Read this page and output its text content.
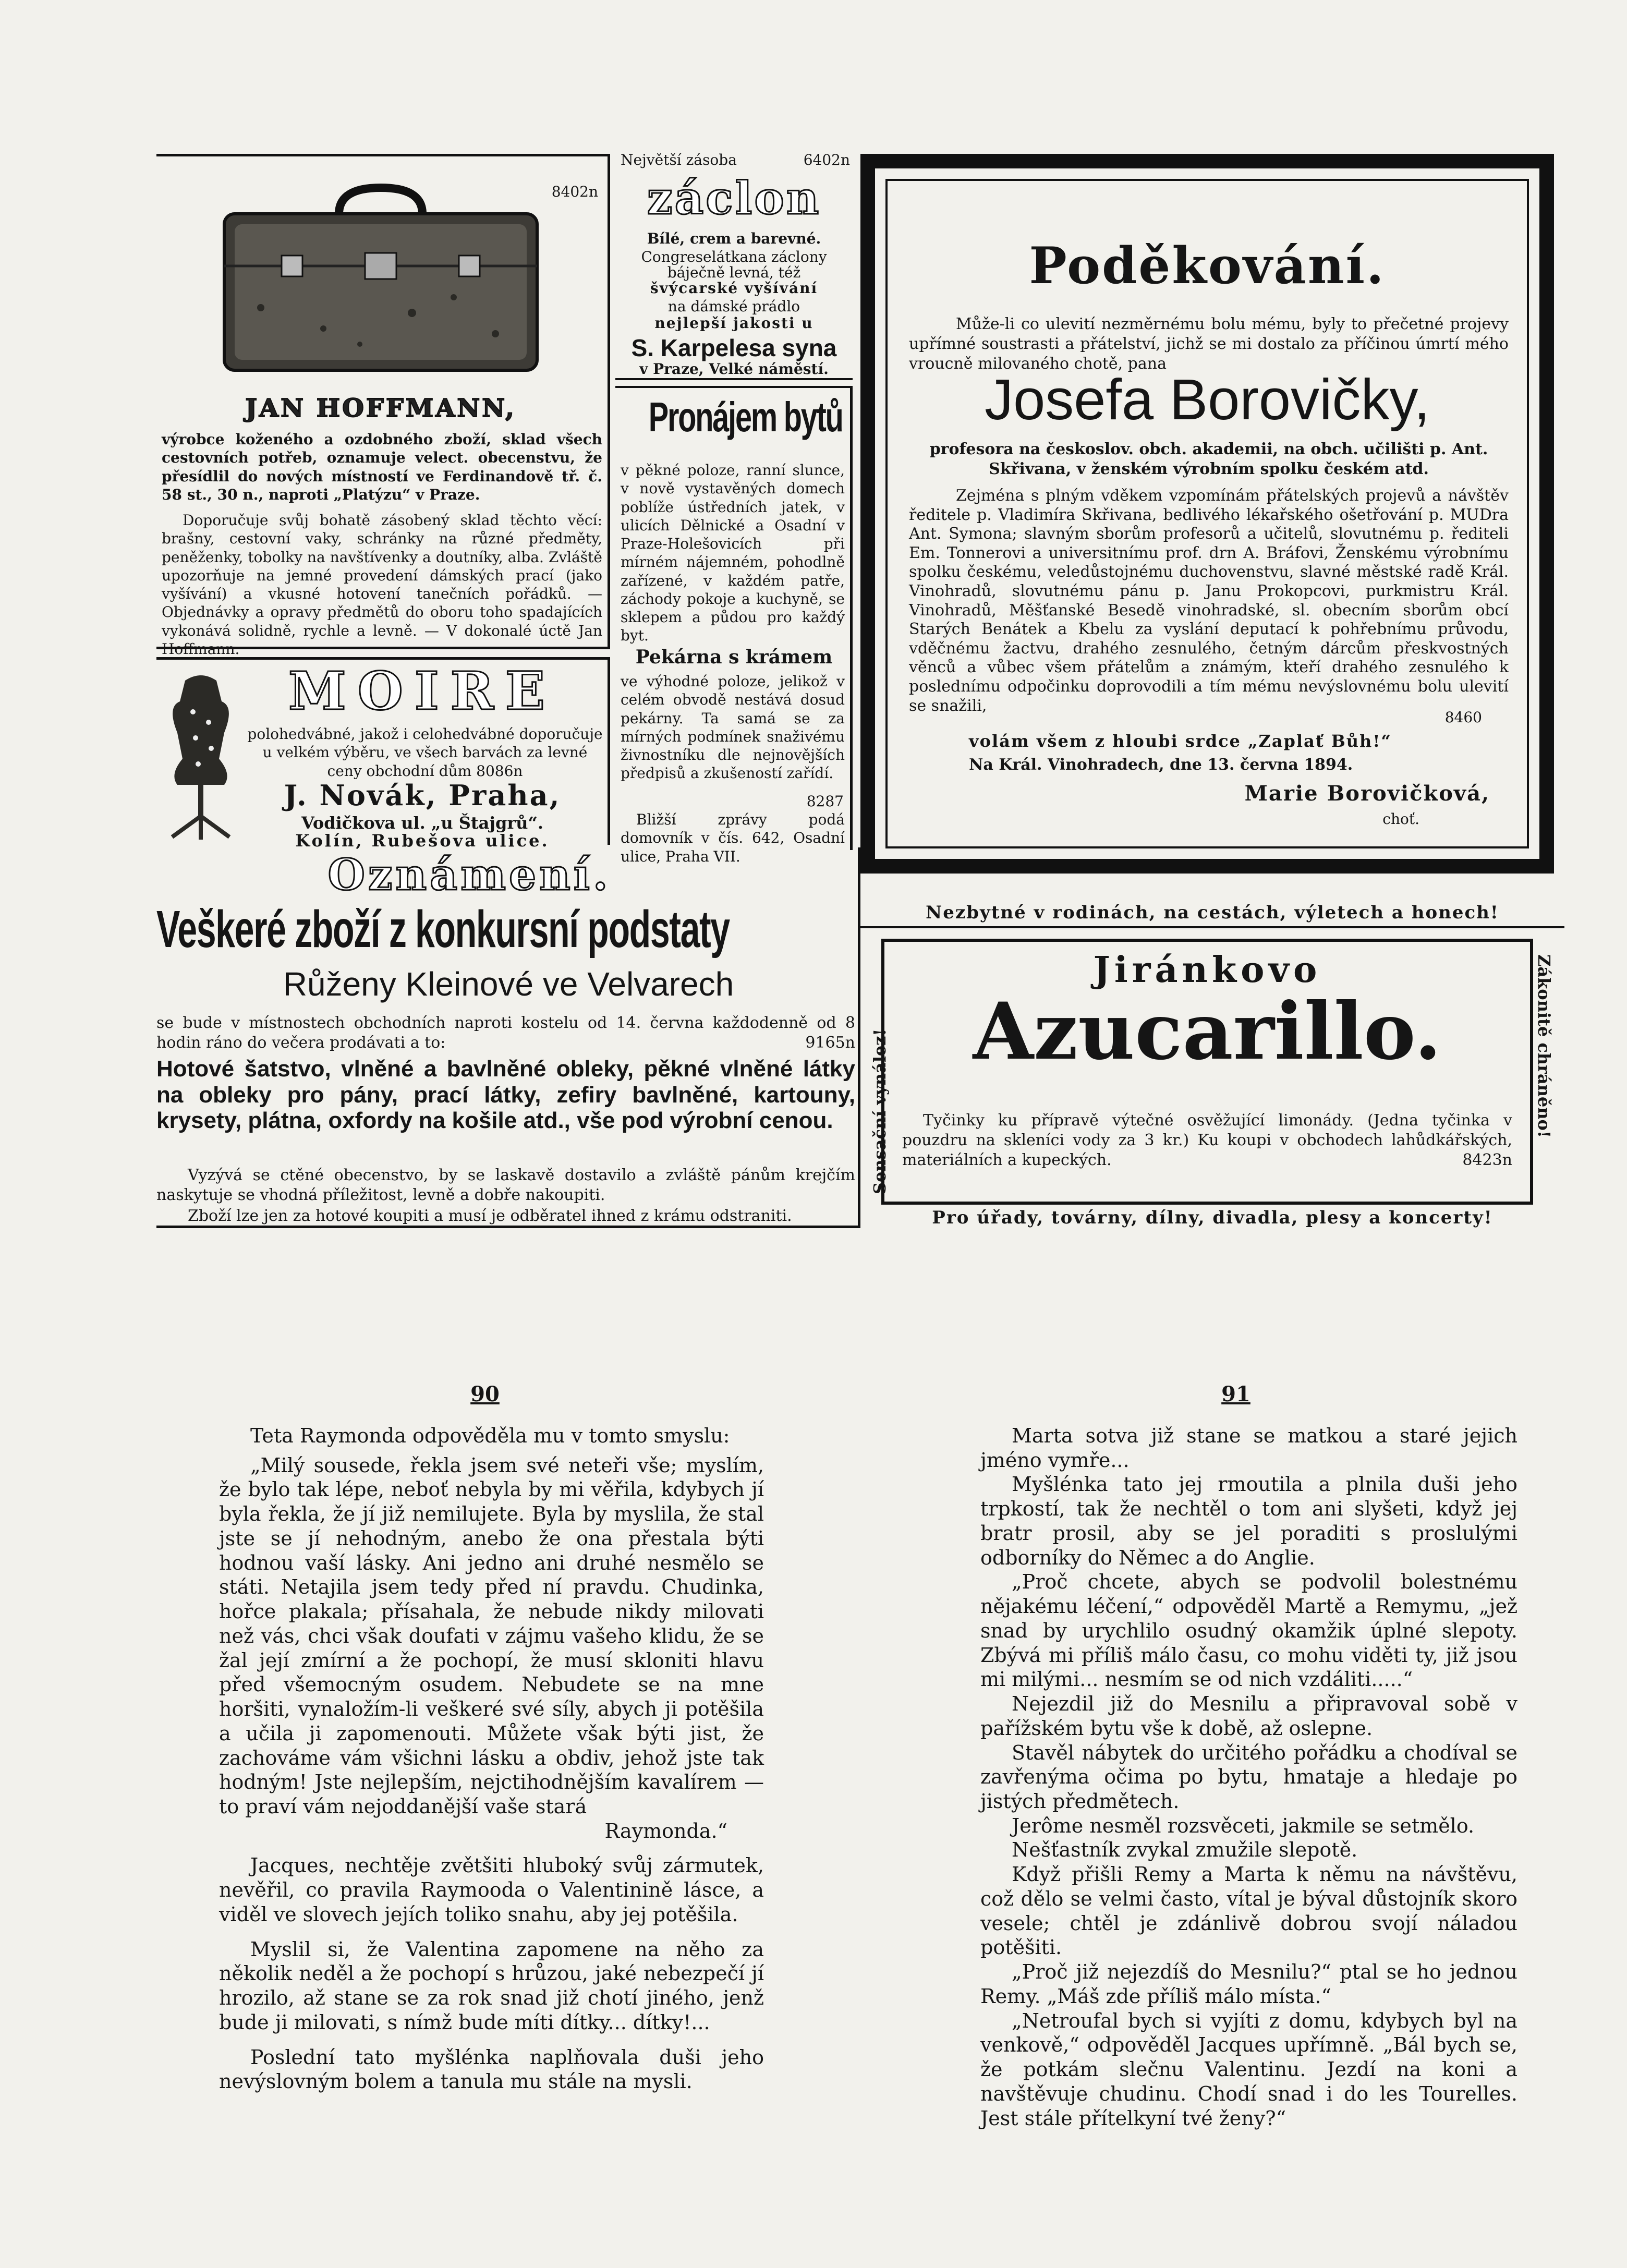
8402n
JAN HOFFMANN,

výrobce koženého a ozdobného zboží, sklad všech cestovních potřeb, oznamuje velect. obecenstvu, že přesídlil do nových místností ve Ferdinandově tř. č. 58 st., 30 n., naproti „Platýzu“ v Praze.

Doporučuje svůj bohatě zásobený sklad těchto věcí: brašny, cestovní vaky, schránky na různé předměty, peněženky, tobolky na navštívenky a doutníky, alba. Zvláště upozorňuje na jemné provedení dámských prací (jako vyšívání) a vkusné hotovení tanečních pořádků. — Objednávky a opravy předmětů do oboru toho spadajících vykonává solidně, rychle a levně. — V dokonalé úctě Jan Hoffmann.

MOIRE

polohedvábné, jakož i celohedvábné doporučuje u velkém výběru, ve všech barvách za levné ceny obchodní dům 8086n

J. Novák, Praha,
Vodičkova ul. „u Štajgrů“.
Kolín, Rubešova ulice.
Největší zásoba	6402n
záclon
Bílé, crem a barevné.
Congreselátkana záclony
báječně levná, též
švýcarské vyšívání
na dámské prádlo
nejlepší jakosti u
S. Karpelesa syna
v Praze, Velké náměstí.
Pronájem bytů

v pěkné poloze, ranní slunce, v nově vystavěných domech poblíže ústředních jatek, v ulicích Dělnické a Osadní v Praze-Holešovicích při mírném nájemném, pohodlně zařízené, v každém patře, záchody pokoje a kuchyně, se sklepem a půdou pro každý byt.

Pekárna s krámem

ve výhodné poloze, jelikož v celém obvodě nestává dosud pekárny. Ta samá se za mírných podmínek snaživému živnostníku dle nejnovějších předpisů a zkušeností zařídí.

8287

Bližší zprávy podá domovník v čís. 642, Osadní ulice, Praha VII.

Poděkování.

Může-li co ulevití nezměrnému bolu mému, byly to přečetné projevy upřímné soustrasti a přátelství, jichž se mi dostalo za příčinou úmrtí mého vroucně milovaného chotě, pana

Josefa Borovičky,

profesora na českoslov. obch. akademii, na obch. učilišti p. Ant. Skřivana, v ženském výrobním spolku českém atd.

Zejména s plným vděkem vzpomínám přátelských projevů a návštěv ředitele p. Vladimíra Skřivana, bedlivého lékařského ošetřování p. MUDra Ant. Symona; slavným sborům profesorů a učitelů, slovutnému p. řediteli Em. Tonnerovi a universitnímu prof. drn A. Bráfovi, Ženskému výrobnímu spolku českému, veledůstojnému duchovenstvu, slavné městské radě Král. Vinohradů, slovutnému pánu p. Janu Prokopcovi, purkmistru Král. Vinohradů, Měšťanské Besedě vinohradské, sl. obecním sborům obcí Starých Benátek a Kbelu za vyslání deputací k pohřebnímu průvodu, vděčnému žactvu, drahého zesnulého, četným dárcům přeskvostných věnců a vůbec všem přátelům a známým, kteří drahého zesnulého k poslednímu odpočinku doprovodili a tím mému nevýslovnému bolu ulevití se snažili,

8460
volám všem z hloubi srdce „Zaplať Bůh!“
Na Král. Vinohradech, dne 13. června 1894.
Marie Borovičková,
choť.
Nezbytné v rodinách, na cestách, výletech a honech!
Sensační vynález!	Zákonitě chráněno!
Jiránkovo
Azucarillo.

Tyčinky ku přípravě výtečné osvěžující limonády. (Jedna tyčinka v pouzdru na skleníci vody za 3 kr.) Ku koupi v obchodech lahůdkářských, materiálních a kupeckých.	8423n

Pro úřady, továrny, dílny, divadla, plesy a koncerty!
Oznámení.
Veškeré zboží z konkursní podstaty
Růženy Kleinové ve Velvarech

se bude v místnostech obchodních naproti kostelu od 14. června každodenně od 8 hodin ráno do večera prodávati a to:	9165n

Hotové šatstvo, vlněné a bavlněné obleky, pěkné vlněné látky na obleky pro pány, prací látky, zefiry bavlněné, kartouny, krysety, plátna, oxfordy na košile atd., vše pod výrobní cenou.

Vyzývá se ctěné obecenstvo, by se laskavě dostavilo a zvláště pánům krejčím naskytuje se vhodná příležitost, levně a dobře nakoupiti.

Zboží lze jen za hotové koupiti a musí je odběratel ihned z krámu odstraniti.

90

Teta Raymonda odpověděla mu v tomto smyslu:

„Milý sousede, řekla jsem své neteři vše; myslím, že bylo tak lépe, neboť nebyla by mi věřila, kdybych jí byla řekla, že jí již nemilujete. Byla by myslila, že stal jste se jí nehodným, anebo že ona přestala býti hodnou vaší lásky. Ani jedno ani druhé nesmělo se státi. Netajila jsem tedy před ní pravdu. Chudinka, hořce plakala; přísahala, že nebude nikdy milovati než vás, chci však doufati v zájmu vašeho klidu, že se žal její zmírní a že pochopí, že musí skloniti hlavu před všemocným osudem. Nebudete se na mne horšiti, vynaložím-li veškeré své síly, abych ji potěšila a učila ji zapomenouti. Můžete však býti jist, že zachováme vám všichni lásku a obdiv, jehož jste tak hodným! Jste nejlepším, nejctihodnějším kavalírem — to praví vám nejoddanější vaše stará

Raymonda.“

Jacques, nechtěje zvětšiti hluboký svůj zármutek, nevěřil, co pravila Raymooda o Valentinině lásce, a viděl ve slovech jejích toliko snahu, aby jej potěšila.

Myslil si, že Valentina zapomene na něho za několik neděl a že pochopí s hrůzou, jaké nebezpečí jí hrozilo, až stane se za rok snad již chotí jiného, jenž bude ji milovati, s nímž bude míti dítky... dítky!...

Poslední tato myšlénka naplňovala duši jeho nevýslovným bolem a tanula mu stále na mysli.

91

Marta sotva již stane se matkou a staré jejich jméno vymře...

Myšlénka tato jej rmoutila a plnila duši jeho trpkostí, tak že nechtěl o tom ani slyšeti, když jej bratr prosil, aby se jel poraditi s proslulými odborníky do Němec a do Anglie.

„Proč chcete, abych se podvolil bolestnému nějakému léčení,“ odpověděl Martě a Remymu, „jež snad by urychlilo osudný okamžik úplné slepoty. Zbývá mi příliš málo času, co mohu viděti ty, již jsou mi milými... nesmím se od nich vzdáliti.....“

Nejezdil již do Mesnilu a připravoval sobě v pařížském bytu vše k době, až oslepne.

Stavěl nábytek do určitého pořádku a chodíval se zavřenýma očima po bytu, hmataje a hledaje po jistých předmětech.

Jerôme nesměl rozsvěceti, jakmile se setmělo.

Nešťastník zvykal zmužile slepotě.

Když přišli Remy a Marta k němu na návštěvu, což dělo se velmi často, vítal je býval důstojník skoro vesele; chtěl je zdánlivě dobrou svojí náladou potěšiti.

„Proč již nejezdíš do Mesnilu?“ ptal se ho jednou Remy. „Máš zde příliš málo místa.“

„Netroufal bych si vyjíti z domu, kdybych byl na venkově,“ odpověděl Jacques upřímně. „Bál bych se, že potkám slečnu Valentinu. Jezdí na koni a navštěvuje chudinu. Chodí snad i do les Tourelles. Jest stále přítelkyní tvé ženy?“
